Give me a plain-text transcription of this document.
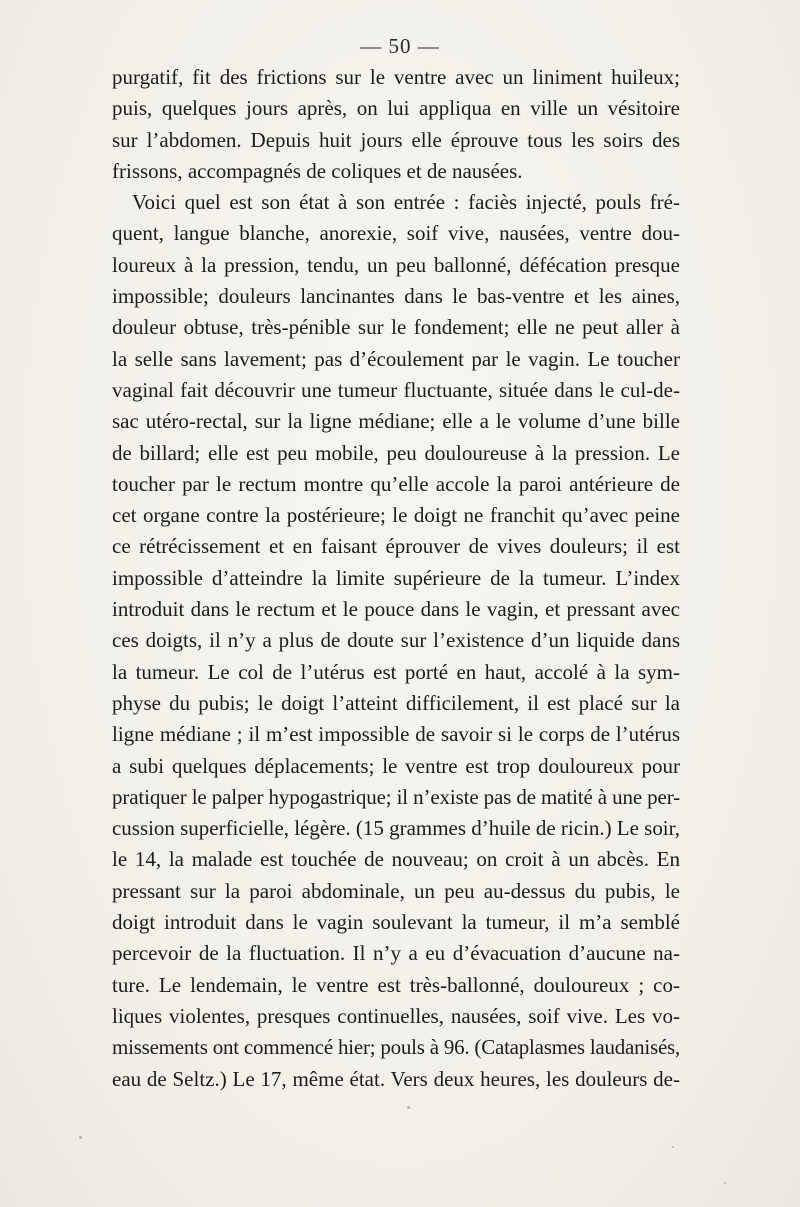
— 50 —
purgatif, fit des frictions sur le ventre avec un liniment huileux;
puis, quelques jours après, on lui appliqua en ville un vésitoire
sur l’abdomen. Depuis huit jours elle éprouve tous les soirs des
frissons, accompagnés de coliques et de nausées.
Voici quel est son état à son entrée : faciès injecté, pouls fré-
quent, langue blanche, anorexie, soif vive, nausées, ventre dou-
loureux à la pression, tendu, un peu ballonné, défécation presque
impossible; douleurs lancinantes dans le bas-ventre et les aines,
douleur obtuse, très-pénible sur le fondement; elle ne peut aller à
la selle sans lavement; pas d’écoulement par le vagin. Le toucher
vaginal fait découvrir une tumeur fluctuante, située dans le cul-de-
sac utéro-rectal, sur la ligne médiane; elle a le volume d’une bille
de billard; elle est peu mobile, peu douloureuse à la pression. Le
toucher par le rectum montre qu’elle accole la paroi antérieure de
cet organe contre la postérieure; le doigt ne franchit qu’avec peine
ce rétrécissement et en faisant éprouver de vives douleurs; il est
impossible d’atteindre la limite supérieure de la tumeur. L’index
introduit dans le rectum et le pouce dans le vagin, et pressant avec
ces doigts, il n’y a plus de doute sur l’existence d’un liquide dans
la tumeur. Le col de l’utérus est porté en haut, accolé à la sym-
physe du pubis; le doigt l’atteint difficilement, il est placé sur la
ligne médiane ; il m’est impossible de savoir si le corps de l’utérus
a subi quelques déplacements; le ventre est trop douloureux pour
pratiquer le palper hypogastrique; il n’existe pas de matité à une per-
cussion superficielle, légère. (15 grammes d’huile de ricin.) Le soir,
le 14, la malade est touchée de nouveau; on croit à un abcès. En
pressant sur la paroi abdominale, un peu au-dessus du pubis, le
doigt introduit dans le vagin soulevant la tumeur, il m’a semblé
percevoir de la fluctuation. Il n’y a eu d’évacuation d’aucune na-
ture. Le lendemain, le ventre est très-ballonné, douloureux ; co-
liques violentes, presques continuelles, nausées, soif vive. Les vo-
missements ont commencé hier; pouls à 96. (Cataplasmes laudanisés,
eau de Seltz.) Le 17, même état. Vers deux heures, les douleurs de-
